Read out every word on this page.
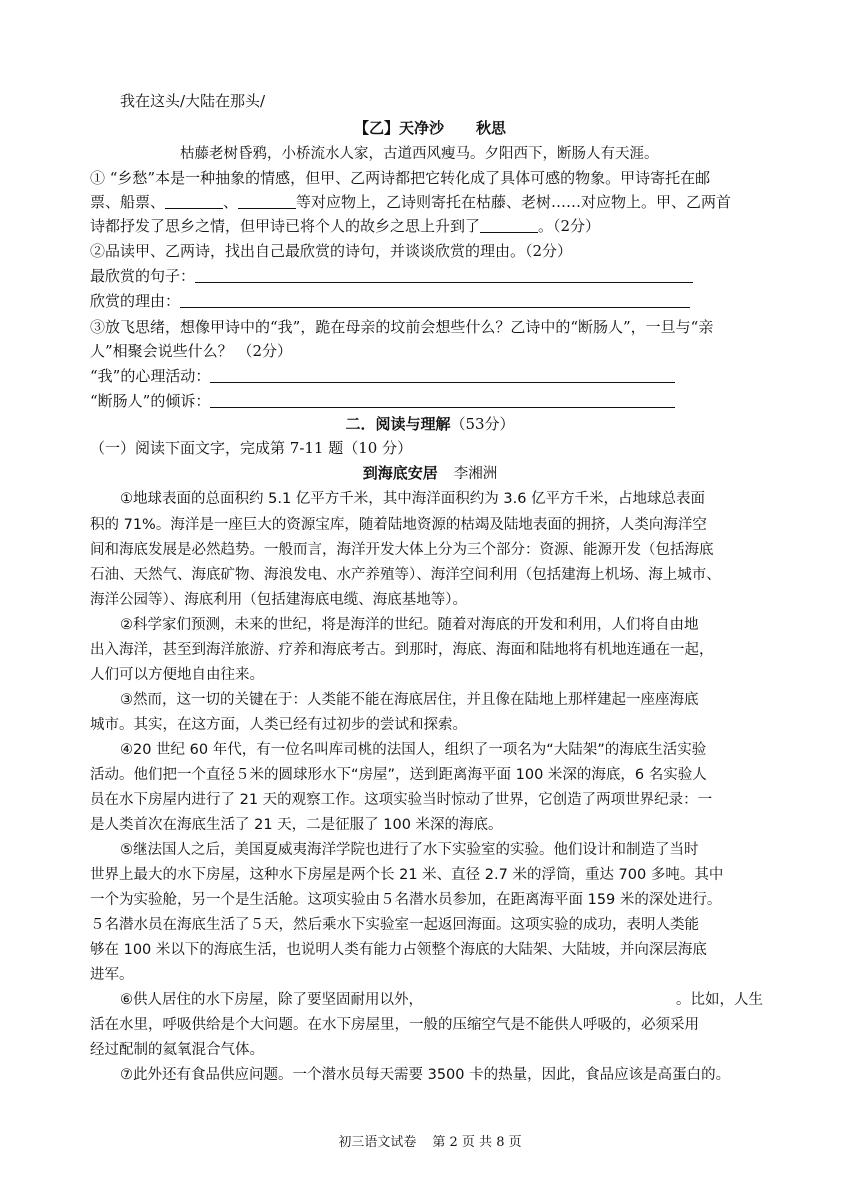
我在这头/大陆在那头/
【乙】天净沙 秋思
枯藤老树昏鸦，小桥流水人家，古道西风瘦马。夕阳西下，断肠人有天涯。
① “乡愁”本是一种抽象的情感，但甲、乙两诗都把它转化成了具体可感的物象。甲诗寄托在邮
票、船票、	、	等对应物上，乙诗则寄托在枯藤、老树……对应物上。甲、乙两首
诗都抒发了思乡之情，但甲诗已将个人的故乡之思上升到了	。（2分）
②品读甲、乙两诗，找出自己最欣赏的诗句，并谈谈欣赏的理由。（2分）
最欣赏的句子：
欣赏的理由：
③放飞思绪，想像甲诗中的“我”，跪在母亲的坟前会想些什么？乙诗中的“断肠人”，一旦与“亲
人”相聚会说些什么？ （2分）
“我”的心理活动：
“断肠人”的倾诉：
二．阅读与理解（53分）
（一）阅读下面文字，完成第 7-11 题（10 分）
到海底安居 李湘洲
①地球表面的总面积约 5.1 亿平方千米，其中海洋面积约为 3.6 亿平方千米，占地球总表面
积的 71%。海洋是一座巨大的资源宝库，随着陆地资源的枯竭及陆地表面的拥挤，人类向海洋空
间和海底发展是必然趋势。一般而言，海洋开发大体上分为三个部分：资源、能源开发（包括海底
石油、天然气、海底矿物、海浪发电、水产养殖等）、海洋空间利用（包括建海上机场、海上城市、
海洋公园等）、海底利用（包括建海底电缆、海底基地等）。
②科学家们预测，未来的世纪，将是海洋的世纪。随着对海底的开发和利用，人们将自由地
出入海洋，甚至到海洋旅游、疗养和海底考古。到那时，海底、海面和陆地将有机地连通在一起，
人们可以方便地自由往来。
③然而，这一切的关键在于：人类能不能在海底居住，并且像在陆地上那样建起一座座海底
城市。其实，在这方面，人类已经有过初步的尝试和探索。
④20 世纪 60 年代，有一位名叫库司桃的法国人，组织了一项名为“大陆架”的海底生活实验
活动。他们把一个直径５米的圆球形水下“房屋”，送到距离海平面 100 米深的海底，6 名实验人
员在水下房屋内进行了 21 天的观察工作。这项实验当时惊动了世界，它创造了两项世界纪录：一
是人类首次在海底生活了 21 天，二是征服了 100 米深的海底。
⑤继法国人之后，美国夏威夷海洋学院也进行了水下实验室的实验。他们设计和制造了当时
世界上最大的水下房屋，这种水下房屋是两个长 21 米、直径 2.7 米的浮筒，重达 700 多吨。其中
一个为实验舱，另一个是生活舱。这项实验由５名潜水员参加，在距离海平面 159 米的深处进行。
５名潜水员在海底生活了５天，然后乘水下实验室一起返回海面。这项实验的成功，表明人类能
够在 100 米以下的海底生活，也说明人类有能力占领整个海底的大陆架、大陆坡，并向深层海底
进军。
⑥供人居住的水下房屋，除了要坚固耐用以外，	。比如，人生
活在水里，呼吸供给是个大问题。在水下房屋里，一般的压缩空气是不能供人呼吸的，必须采用
经过配制的氦氧混合气体。
⑦此外还有食品供应问题。一个潜水员每天需要 3500 卡的热量，因此，食品应该是高蛋白的。
初三语文试卷 第 2 页 共 8 页
